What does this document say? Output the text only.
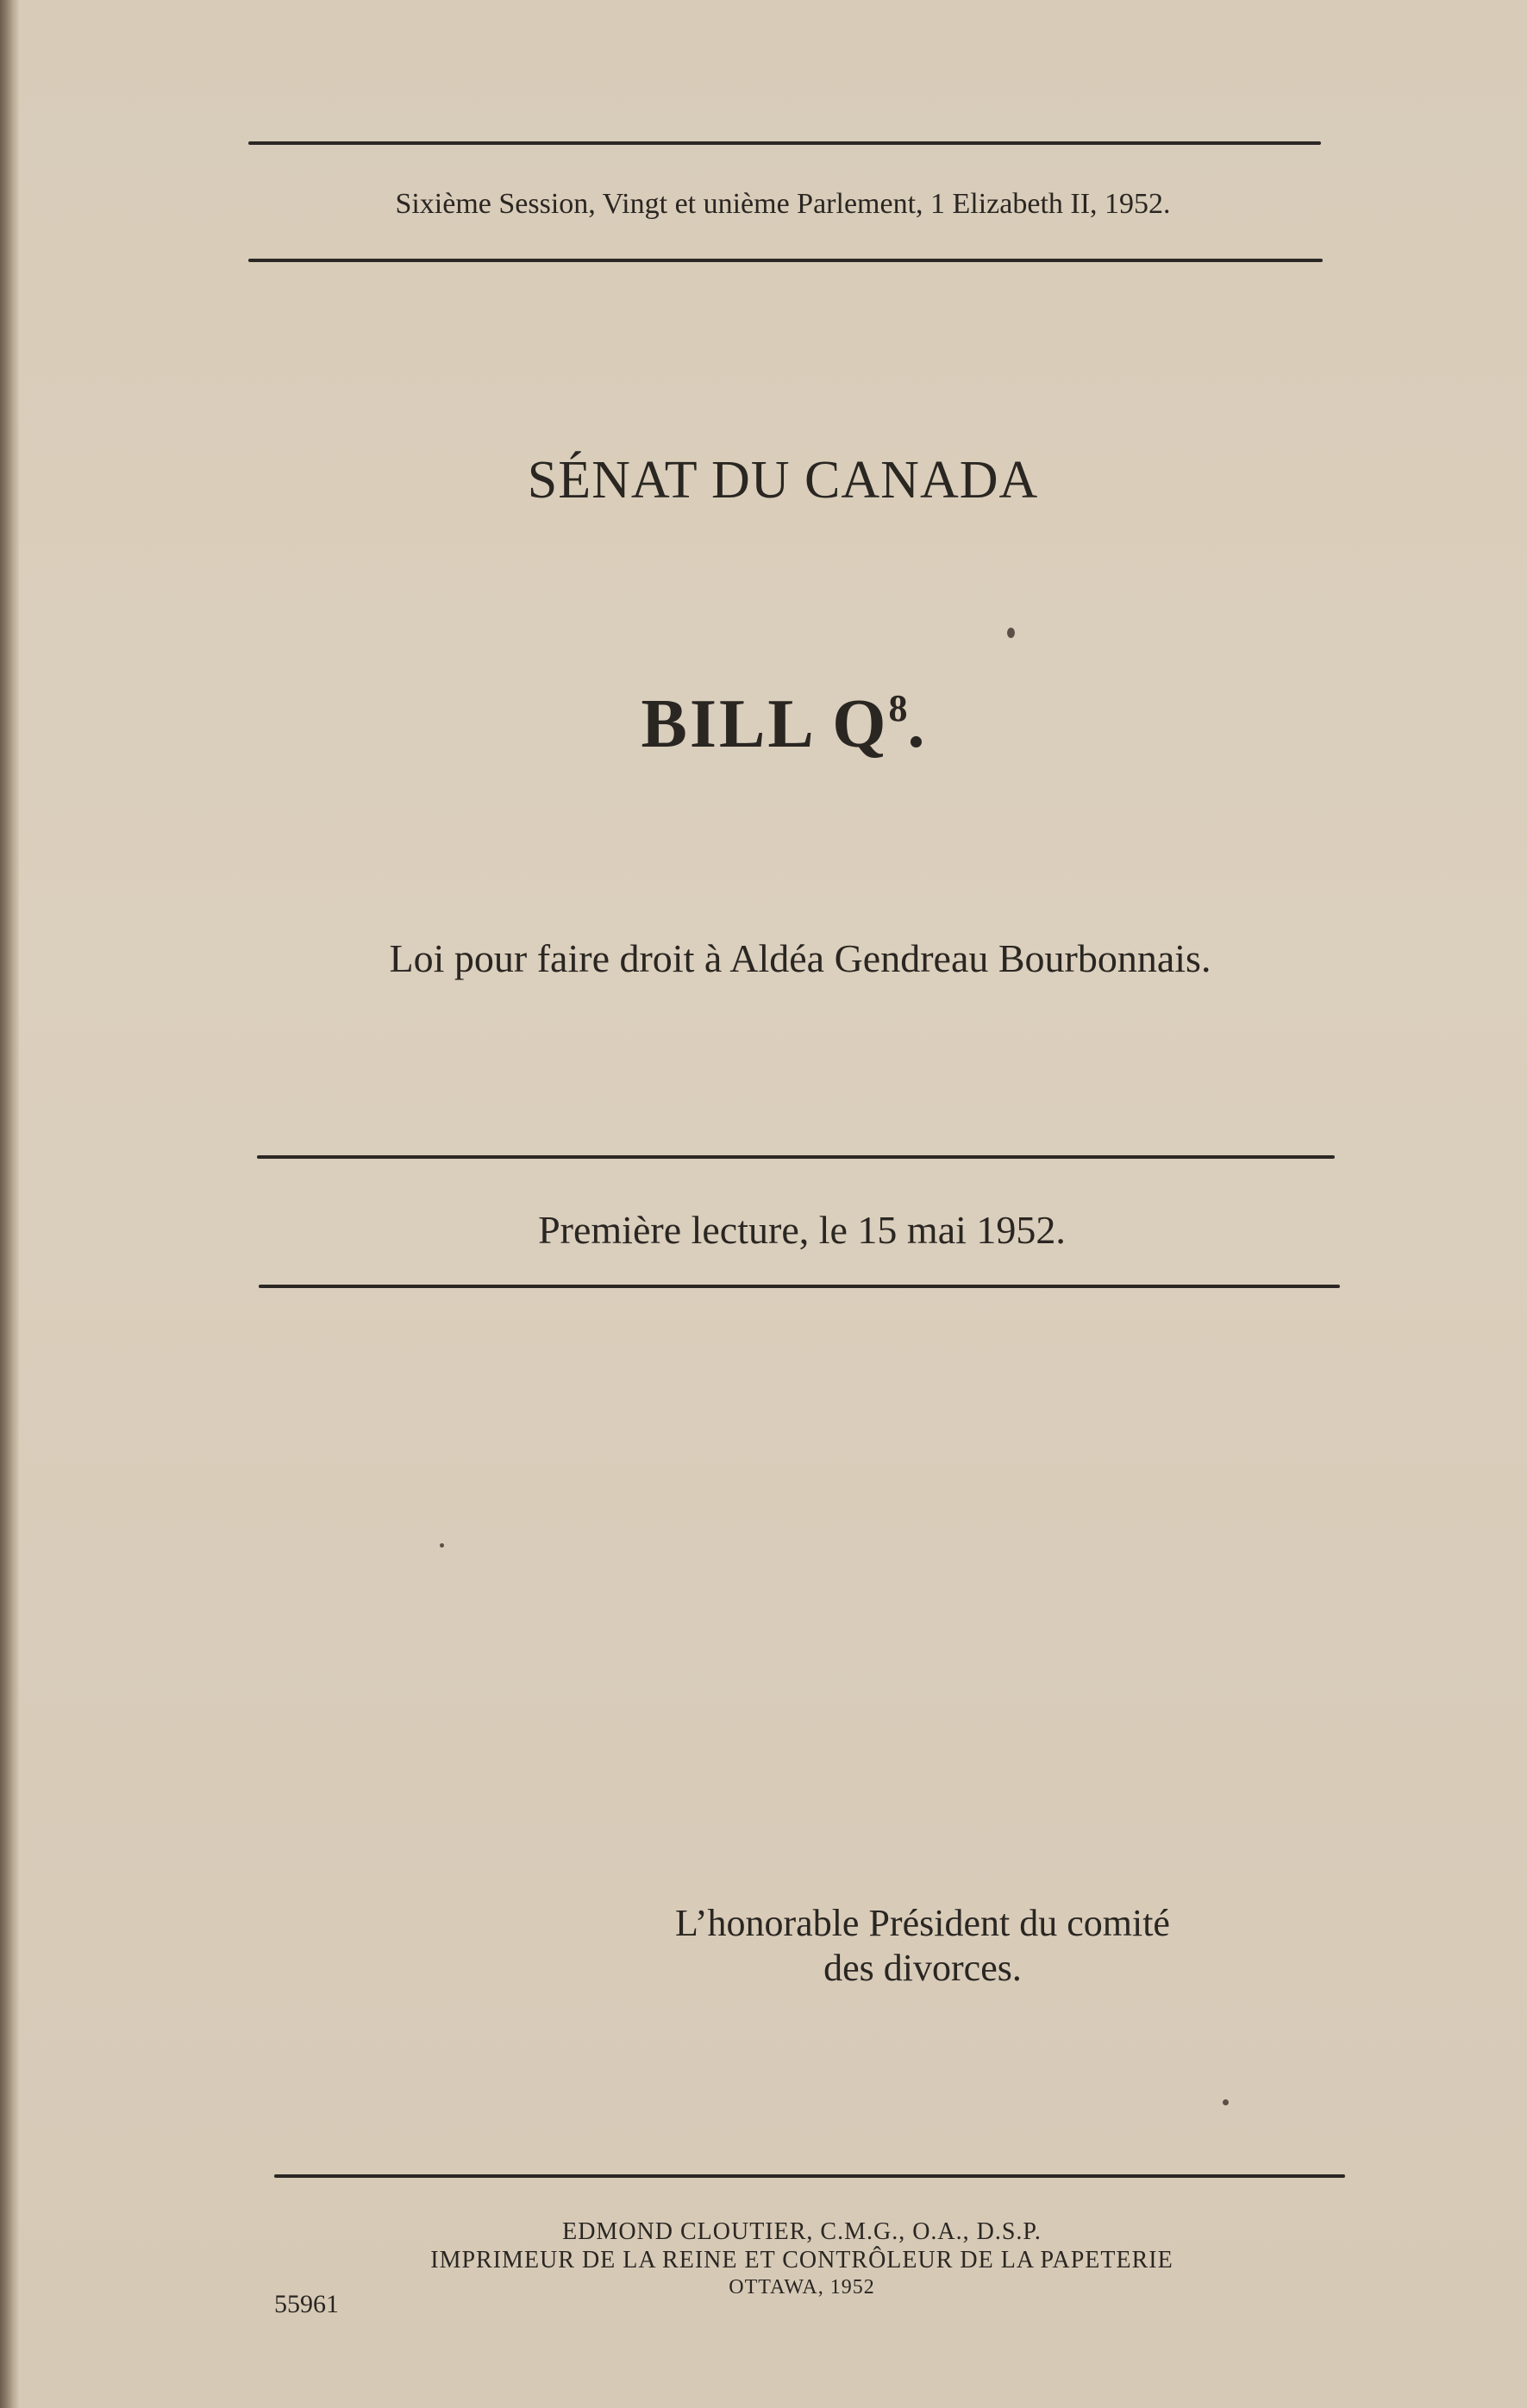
Sixième Session, Vingt et unième Parlement, 1 Elizabeth II, 1952.
SÉNAT DU CANADA
BILL $Q^8$.
Loi pour faire droit à Aldéa Gendreau Bourbonnais.
Première lecture, le 15 mai 1952.
L’honorable Président du comité
des divorces.
EDMOND CLOUTIER, C.M.G., O.A., D.S.P.
IMPRIMEUR DE LA REINE ET CONTRÔLEUR DE LA PAPETERIE
OTTAWA, 1952
55961
